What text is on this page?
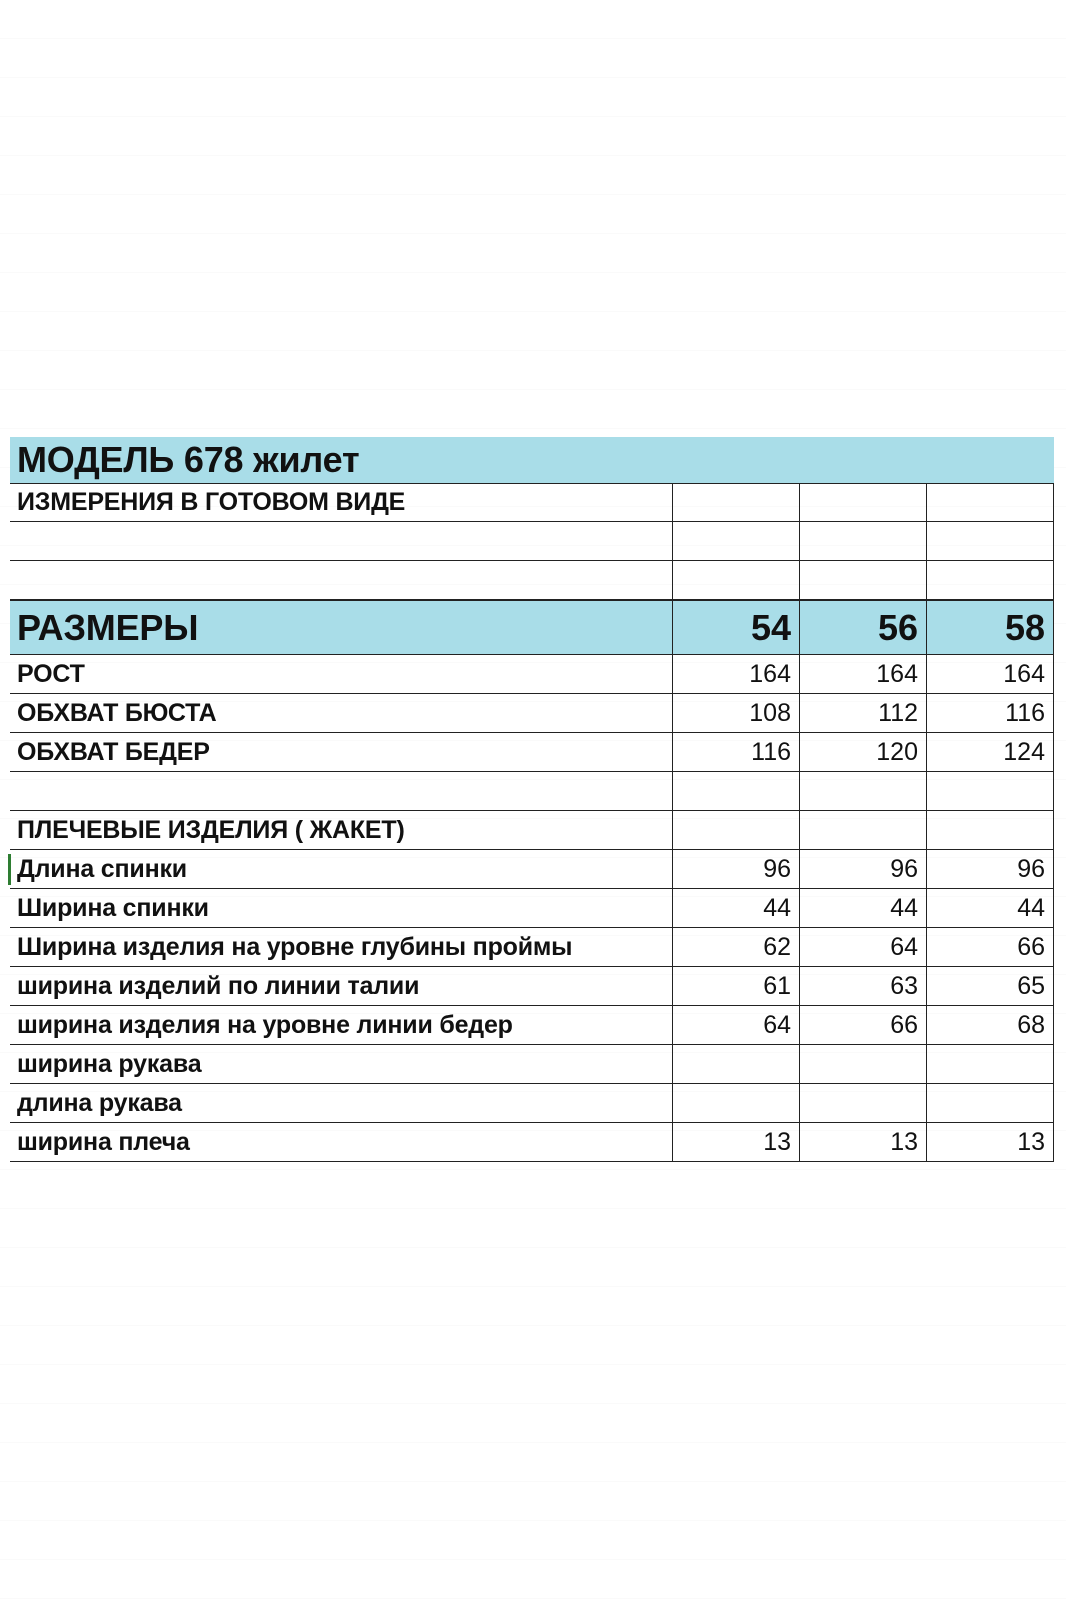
МОДЕЛЬ 678 жилет
ИЗМЕРЕНИЯ В ГОТОВОМ ВИДЕ
РАЗМЕРЫ	54 56 58
РОСТ	164	164	164
ОБХВАТ БЮСТА	108	112	116
ОБХВАТ БЕДЕР	116	120	124
ПЛЕЧЕВЫЕ ИЗДЕЛИЯ ( ЖАКЕТ)
Длина спинки	96	96	96
Ширина спинки	44	44	44
Ширина изделия на уровне глубины проймы	62	64	66
ширина изделий по линии талии	61	63	65
ширина изделия на уровне линии бедер	64	66	68
ширина рукава
длина рукава
ширина плеча	13	13	13
